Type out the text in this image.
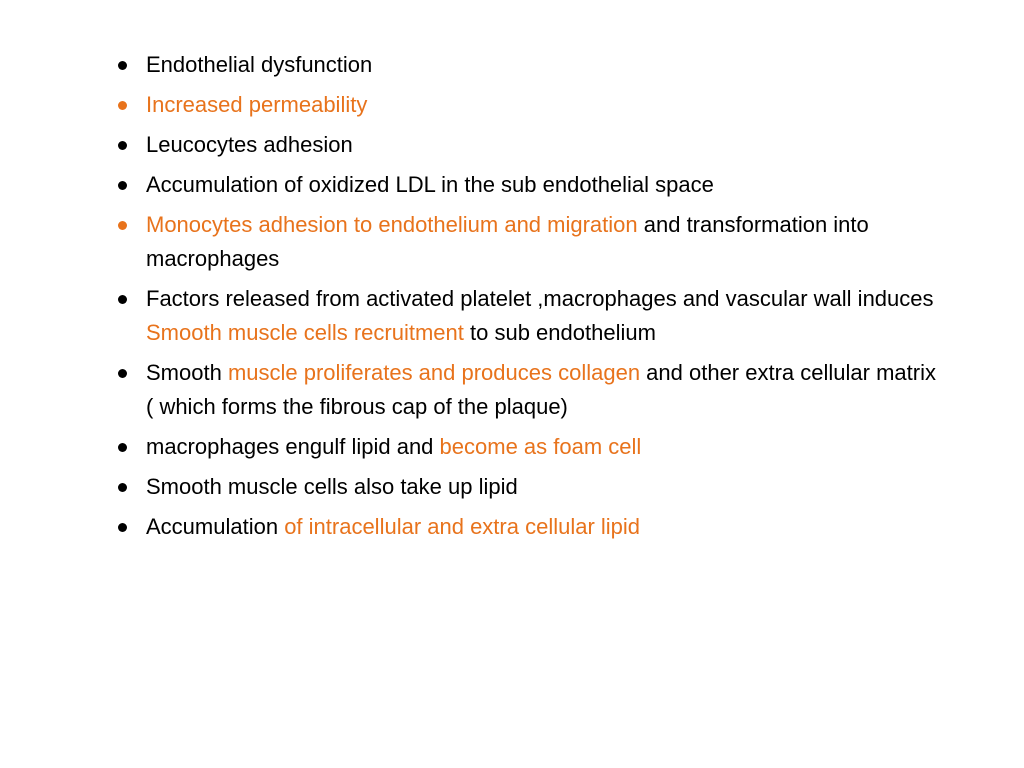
Endothelial dysfunction
Increased permeability
Leucocytes adhesion
Accumulation of oxidized LDL in the sub endothelial space
Monocytes adhesion to endothelium and migration and transformation into macrophages
Factors released from activated platelet ,macrophages and vascular wall induces Smooth muscle cells recruitment to sub endothelium
Smooth muscle proliferates and produces collagen and other extra cellular matrix ( which forms the fibrous cap of the plaque)
macrophages engulf lipid and become as foam cell
Smooth muscle cells also take up lipid
Accumulation of intracellular and extra cellular lipid
